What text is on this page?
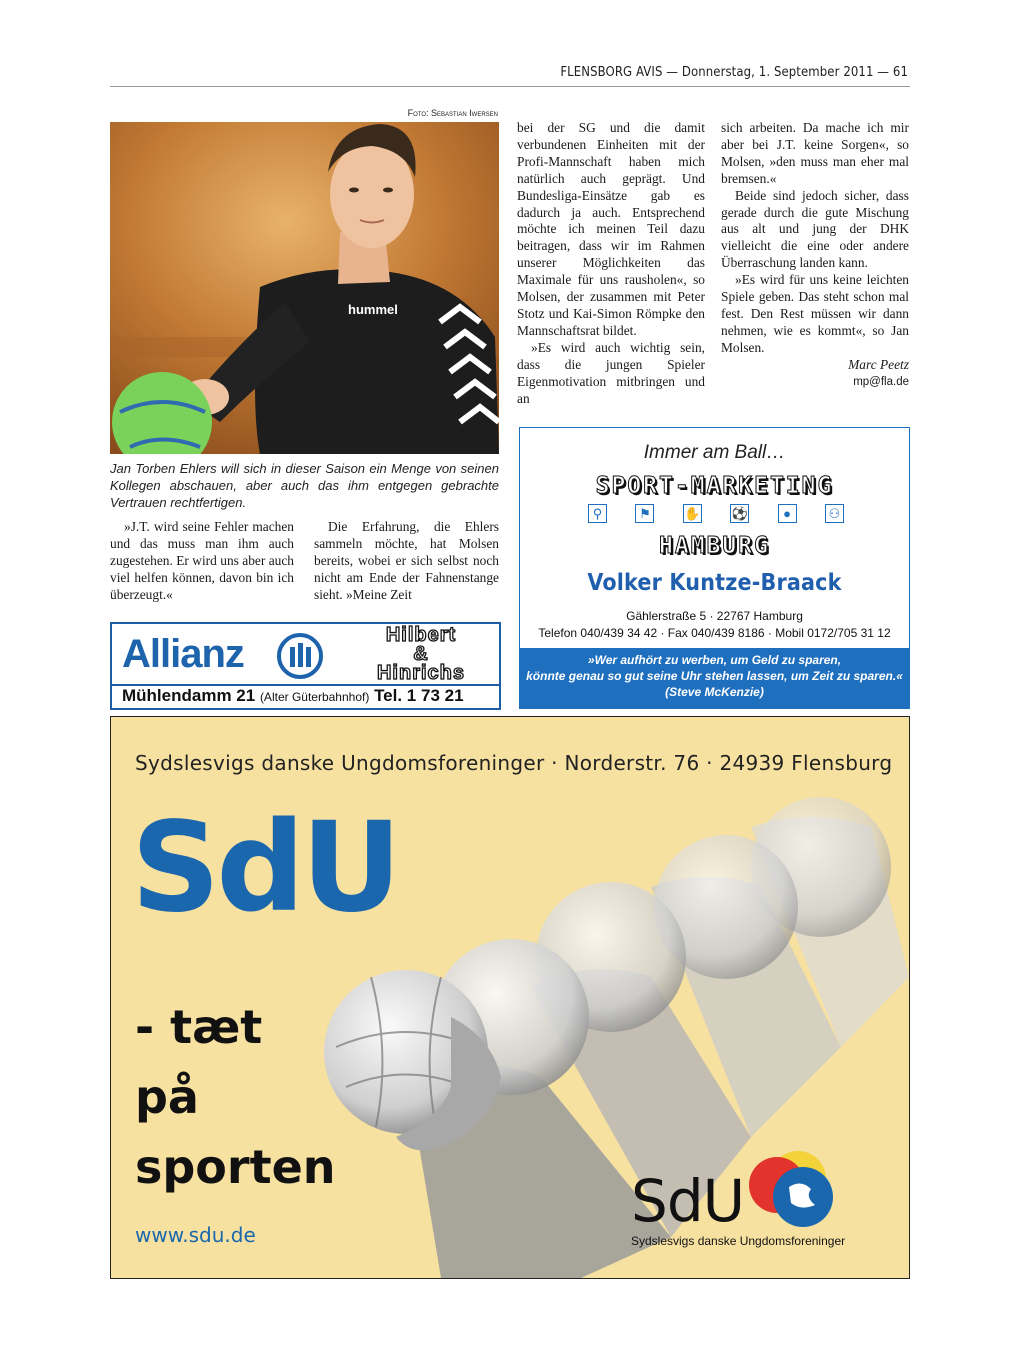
FLENSBORG AVIS — Donnerstag, 1. September 2011 — 61
Foto: Sebastian Iwersen
hummel
Jan Torben Ehlers will sich in dieser Saison ein Menge von seinen Kollegen abschauen, aber auch das ihm entgegen gebrachte Vertrauen rechtfertigen.

»J.T. wird seine Fehler machen und das muss man ihm auch zugestehen. Er wird uns aber auch viel helfen können, davon bin ich überzeugt.«

Die Erfahrung, die Ehlers sammeln möchte, hat Molsen bereits, wobei er sich selbst noch nicht am Ende der Fahnenstange sieht. »Meine Zeit

bei der SG und die damit verbundenen Einheiten mit der Profi-Mannschaft haben mich natürlich auch geprägt. Und Bundesliga-Einsätze gab es dadurch ja auch. Entsprechend möchte ich meinen Teil dazu beitragen, dass wir im Rahmen unserer Möglichkeiten das Maximale für uns rausholen«, so Molsen, der zusammen mit Peter Stotz und Kai-Simon Römpke den Mannschaftsrat bildet.

»Es wird auch wichtig sein, dass die jungen Spieler Eigenmotivation mitbringen und an

sich arbeiten. Da mache ich mir aber bei J.T. keine Sorgen«, so Molsen, »den muss man eher mal bremsen.«

Beide sind jedoch sicher, dass gerade durch die gute Mischung aus alt und jung der DHK vielleicht die eine oder andere Überraschung landen kann.

»Es wird für uns keine leichten Spiele geben. Das steht schon mal fest. Den Rest müssen wir dann nehmen, wie es kommt«, so Jan Molsen.

Marc Peetz

mp@fla.de

Allianz	Hilbert
&
Hinrichs
Mühlendamm 21 (Alter Güterbahnhof) Tel. 1 73 21
Immer am Ball…
SPORT-MARKETING
⚲	⚑	✋ ⚽	●	⚇
HAMBURG
Volker Kuntze-Braack
Gählerstraße 5 · 22767 Hamburg
Telefon 040/439 34 42 · Fax 040/439 8186 · Mobil 0172/705 31 12
»Wer aufhört zu werben, um Geld zu sparen,
könnte genau so gut seine Uhr stehen lassen, um Zeit zu sparen.«
(Steve McKenzie)
Sydslesvigs danske Ungdomsforeninger · Norderstr. 76 · 24939 Flensburg
SdU
- tæt
på
sporten
www.sdu.de	SdU
Sydslesvigs danske Ungdomsforeninger
